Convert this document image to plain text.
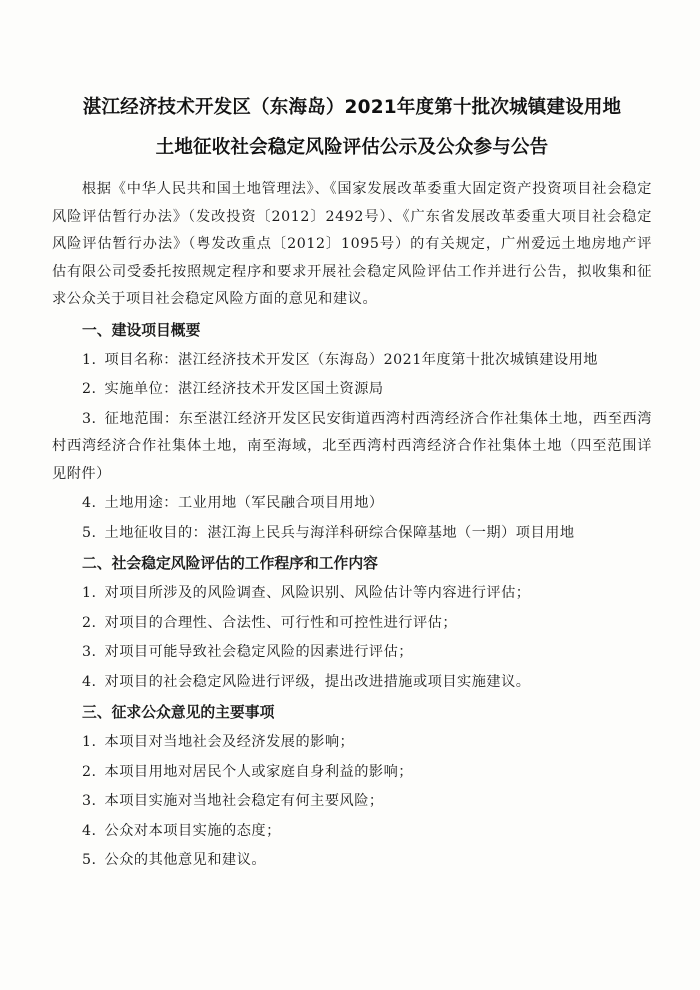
湛江经济技术开发区（东海岛）2021年度第十批次城镇建设用地
土地征收社会稳定风险评估公示及公众参与公告

根据《中华人民共和国土地管理法》、《国家发展改革委重大固定资产投资项目社会稳定风险评估暂行办法》（发改投资〔2012〕2492号）、《广东省发展改革委重大项目社会稳定风险评估暂行办法》（粤发改重点〔2012〕1095号）的有关规定，广州爱远土地房地产评估有限公司受委托按照规定程序和要求开展社会稳定风险评估工作并进行公告，拟收集和征求公众关于项目社会稳定风险方面的意见和建议。

一、建设项目概要
1. 项目名称：湛江经济技术开发区（东海岛）2021年度第十批次城镇建设用地
2. 实施单位：湛江经济技术开发区国土资源局
3. 征地范围：东至湛江经济开发区民安街道西湾村西湾经济合作社集体土地，西至西湾村西湾经济合作社集体土地，南至海域，北至西湾村西湾经济合作社集体土地（四至范围详见附件）
4. 土地用途：工业用地（军民融合项目用地）
5. 土地征收目的：湛江海上民兵与海洋科研综合保障基地（一期）项目用地
二、社会稳定风险评估的工作程序和工作内容
1. 对项目所涉及的风险调查、风险识别、风险估计等内容进行评估；
2. 对项目的合理性、合法性、可行性和可控性进行评估；
3. 对项目可能导致社会稳定风险的因素进行评估；
4. 对项目的社会稳定风险进行评级，提出改进措施或项目实施建议。
三、征求公众意见的主要事项
1. 本项目对当地社会及经济发展的影响；
2. 本项目用地对居民个人或家庭自身利益的影响；
3. 本项目实施对当地社会稳定有何主要风险；
4. 公众对本项目实施的态度；
5. 公众的其他意见和建议。
